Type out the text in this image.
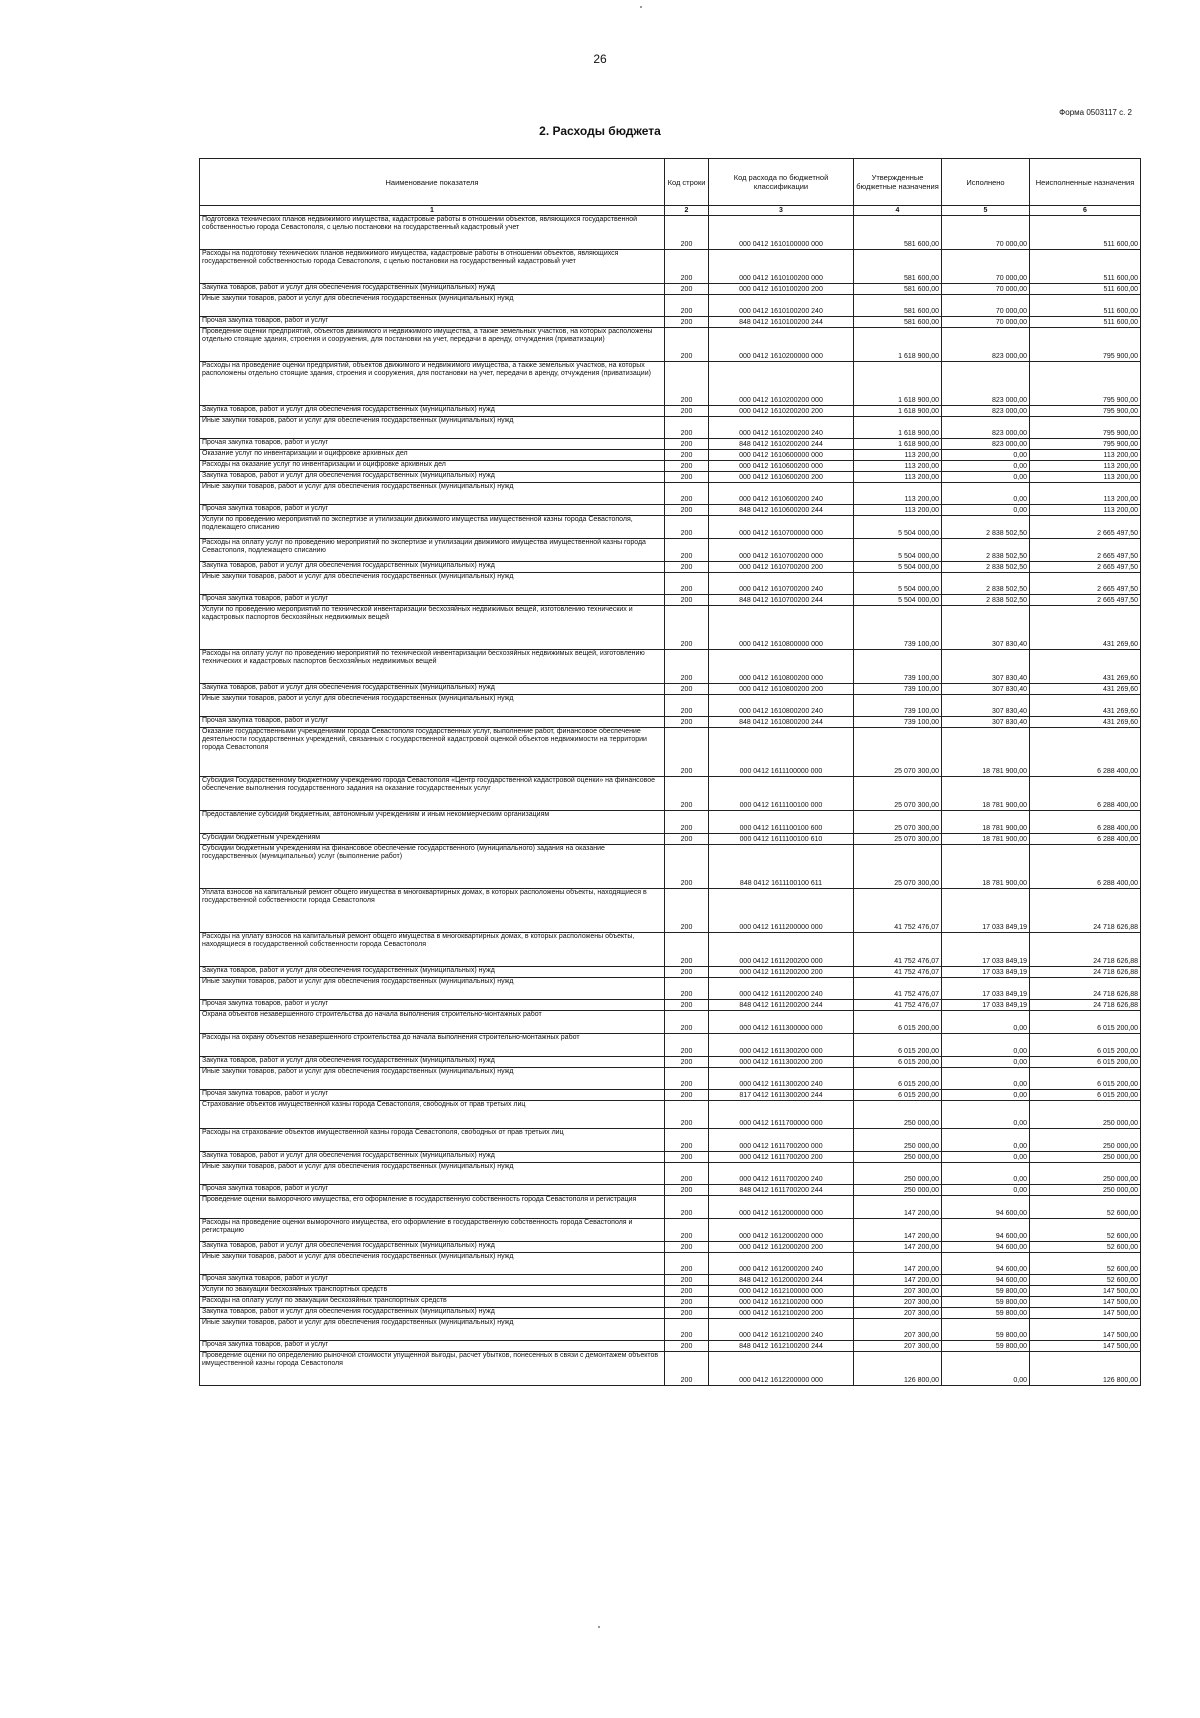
26
Форма 0503117 с. 2
2. Расходы бюджета
Наименование показателя	Код строки	Код расхода по бюджетной классификации	Утвержденные бюджетные назначения	Исполнено	Неисполненные назначения
1	2	3	4	5	6
Подготовка технических планов недвижимого имущества, кадастровые работы в отношении объектов, являющихся государственной собственностью города Севастополя, с целью постановки на государственный кадастровый учет	200	000 0412 1610100000 000	581 600,00	70 000,00	511 600,00
Расходы на подготовку технических планов недвижимого имущества, кадастровые работы в отношении объектов, являющихся государственной собственностью города Севастополя, с целью постановки на государственный кадастровый учет	200	000 0412 1610100200 000	581 600,00	70 000,00	511 600,00
Закупка товаров, работ и услуг для обеспечения государственных (муниципальных) нужд	200	000 0412 1610100200 200	581 600,00	70 000,00	511 600,00
Иные закупки товаров, работ и услуг для обеспечения государственных (муниципальных) нужд	200	000 0412 1610100200 240	581 600,00	70 000,00	511 600,00
Прочая закупка товаров, работ и услуг	200	848 0412 1610100200 244	581 600,00	70 000,00	511 600,00
Проведение оценки предприятий, объектов движимого и недвижимого имущества, а также земельных участков, на которых расположены отдельно стоящие здания, строения и сооружения, для постановки на учет, передачи в аренду, отчуждения (приватизации)	200	000 0412 1610200000 000	1 618 900,00	823 000,00	795 900,00
Расходы на проведение оценки предприятий, объектов движимого и недвижимого имущества, а также земельных участков, на которых расположены отдельно стоящие здания, строения и сооружения, для постановки на учет, передачи в аренду, отчуждения (приватизации)	200	000 0412 1610200200 000	1 618 900,00	823 000,00	795 900,00
Закупка товаров, работ и услуг для обеспечения государственных (муниципальных) нужд	200	000 0412 1610200200 200	1 618 900,00	823 000,00	795 900,00
Иные закупки товаров, работ и услуг для обеспечения государственных (муниципальных) нужд	200	000 0412 1610200200 240	1 618 900,00	823 000,00	795 900,00
Прочая закупка товаров, работ и услуг	200	848 0412 1610200200 244	1 618 900,00	823 000,00	795 900,00
Оказание услуг по инвентаризации и оцифровке архивных дел	200	000 0412 1610600000 000	113 200,00	0,00	113 200,00
Расходы на оказание услуг по инвентаризации и оцифровке архивных дел	200	000 0412 1610600200 000	113 200,00	0,00	113 200,00
Закупка товаров, работ и услуг для обеспечения государственных (муниципальных) нужд	200	000 0412 1610600200 200	113 200,00	0,00	113 200,00
Иные закупки товаров, работ и услуг для обеспечения государственных (муниципальных) нужд	200	000 0412 1610600200 240	113 200,00	0,00	113 200,00
Прочая закупка товаров, работ и услуг	200	848 0412 1610600200 244	113 200,00	0,00	113 200,00
Услуги по проведению мероприятий по экспертизе и утилизации движимого имущества имущественной казны города Севастополя, подлежащего списанию	200	000 0412 1610700000 000	5 504 000,00	2 838 502,50	2 665 497,50
Расходы на оплату услуг по проведению мероприятий по экспертизе и утилизации движимого имущества имущественной казны города Севастополя, подлежащего списанию	200	000 0412 1610700200 000	5 504 000,00	2 838 502,50	2 665 497,50
Закупка товаров, работ и услуг для обеспечения государственных (муниципальных) нужд	200	000 0412 1610700200 200	5 504 000,00	2 838 502,50	2 665 497,50
Иные закупки товаров, работ и услуг для обеспечения государственных (муниципальных) нужд	200	000 0412 1610700200 240	5 504 000,00	2 838 502,50	2 665 497,50
Прочая закупка товаров, работ и услуг	200	848 0412 1610700200 244	5 504 000,00	2 838 502,50	2 665 497,50
Услуги по проведению мероприятий по технической инвентаризации бесхозяйных недвижимых вещей, изготовлению технических и кадастровых паспортов бесхозяйных недвижимых вещей	200	000 0412 1610800000 000	739 100,00	307 830,40	431 269,60
Расходы на оплату услуг по проведению мероприятий по технической инвентаризации бесхозяйных недвижимых вещей, изготовлению технических и кадастровых паспортов бесхозяйных недвижимых вещей	200	000 0412 1610800200 000	739 100,00	307 830,40	431 269,60
Закупка товаров, работ и услуг для обеспечения государственных (муниципальных) нужд	200	000 0412 1610800200 200	739 100,00	307 830,40	431 269,60
Иные закупки товаров, работ и услуг для обеспечения государственных (муниципальных) нужд	200	000 0412 1610800200 240	739 100,00	307 830,40	431 269,60
Прочая закупка товаров, работ и услуг	200	848 0412 1610800200 244	739 100,00	307 830,40	431 269,60
Оказание государственными учреждениями города Севастополя государственных услуг, выполнение работ, финансовое обеспечение деятельности государственных учреждений, связанных с государственной кадастровой оценкой объектов недвижимости на территории города Севастополя	200	000 0412 1611100000 000	25 070 300,00	18 781 900,00	6 288 400,00
Субсидия Государственному бюджетному учреждению города Севастополя «Центр государственной кадастровой оценки» на финансовое обеспечение выполнения государственного задания на оказание государственных услуг	200	000 0412 1611100100 000	25 070 300,00	18 781 900,00	6 288 400,00
Предоставление субсидий бюджетным, автономным учреждениям и иным некоммерческим организациям	200	000 0412 1611100100 600	25 070 300,00	18 781 900,00	6 288 400,00
Субсидии бюджетным учреждениям	200	000 0412 1611100100 610	25 070 300,00	18 781 900,00	6 288 400,00
Субсидии бюджетным учреждениям на финансовое обеспечение государственного (муниципального) задания на оказание государственных (муниципальных) услуг (выполнение работ)	200	848 0412 1611100100 611	25 070 300,00	18 781 900,00	6 288 400,00
Уплата взносов на капитальный ремонт общего имущества в многоквартирных домах, в которых расположены объекты, находящиеся в государственной собственности города Севастополя	200	000 0412 1611200000 000	41 752 476,07	17 033 849,19	24 718 626,88
Расходы на уплату взносов на капитальный ремонт общего имущества в многоквартирных домах, в которых расположены объекты, находящиеся в государственной собственности города Севастополя	200	000 0412 1611200200 000	41 752 476,07	17 033 849,19	24 718 626,88
Закупка товаров, работ и услуг для обеспечения государственных (муниципальных) нужд	200	000 0412 1611200200 200	41 752 476,07	17 033 849,19	24 718 626,88
Иные закупки товаров, работ и услуг для обеспечения государственных (муниципальных) нужд	200	000 0412 1611200200 240	41 752 476,07	17 033 849,19	24 718 626,88
Прочая закупка товаров, работ и услуг	200	848 0412 1611200200 244	41 752 476,07	17 033 849,19	24 718 626,88
Охрана объектов незавершенного строительства до начала выполнения строительно-монтажных работ	200	000 0412 1611300000 000	6 015 200,00	0,00	6 015 200,00
Расходы на охрану объектов незавершенного строительства до начала выполнения строительно-монтажных работ	200	000 0412 1611300200 000	6 015 200,00	0,00	6 015 200,00
Закупка товаров, работ и услуг для обеспечения государственных (муниципальных) нужд	200	000 0412 1611300200 200	6 015 200,00	0,00	6 015 200,00
Иные закупки товаров, работ и услуг для обеспечения государственных (муниципальных) нужд	200	000 0412 1611300200 240	6 015 200,00	0,00	6 015 200,00
Прочая закупка товаров, работ и услуг	200	817 0412 1611300200 244	6 015 200,00	0,00	6 015 200,00
Страхование объектов имущественной казны города Севастополя, свободных от прав третьих лиц	200	000 0412 1611700000 000	250 000,00	0,00	250 000,00
Расходы на страхование объектов имущественной казны города Севастополя, свободных от прав третьих лиц	200	000 0412 1611700200 000	250 000,00	0,00	250 000,00
Закупка товаров, работ и услуг для обеспечения государственных (муниципальных) нужд	200	000 0412 1611700200 200	250 000,00	0,00	250 000,00
Иные закупки товаров, работ и услуг для обеспечения государственных (муниципальных) нужд	200	000 0412 1611700200 240	250 000,00	0,00	250 000,00
Прочая закупка товаров, работ и услуг	200	848 0412 1611700200 244	250 000,00	0,00	250 000,00
Проведение оценки выморочного имущества, его оформление в государственную собственность города Севастополя и регистрация	200	000 0412 1612000000 000	147 200,00	94 600,00	52 600,00
Расходы на проведение оценки выморочного имущества, его оформление в государственную собственность города Севастополя и регистрацию	200	000 0412 1612000200 000	147 200,00	94 600,00	52 600,00
Закупка товаров, работ и услуг для обеспечения государственных (муниципальных) нужд	200	000 0412 1612000200 200	147 200,00	94 600,00	52 600,00
Иные закупки товаров, работ и услуг для обеспечения государственных (муниципальных) нужд	200	000 0412 1612000200 240	147 200,00	94 600,00	52 600,00
Прочая закупка товаров, работ и услуг	200	848 0412 1612000200 244	147 200,00	94 600,00	52 600,00
Услуги по эвакуации бесхозяйных транспортных средств	200	000 0412 1612100000 000	207 300,00	59 800,00	147 500,00
Расходы на оплату услуг по эвакуации бесхозяйных транспортных средств	200	000 0412 1612100200 000	207 300,00	59 800,00	147 500,00
Закупка товаров, работ и услуг для обеспечения государственных (муниципальных) нужд	200	000 0412 1612100200 200	207 300,00	59 800,00	147 500,00
Иные закупки товаров, работ и услуг для обеспечения государственных (муниципальных) нужд	200	000 0412 1612100200 240	207 300,00	59 800,00	147 500,00
Прочая закупка товаров, работ и услуг	200	848 0412 1612100200 244	207 300,00	59 800,00	147 500,00
Проведение оценки по определению рыночной стоимости упущенной выгоды, расчет убытков, понесенных в связи с демонтажем объектов имущественной казны города Севастополя	200	000 0412 1612200000 000	126 800,00	0,00	126 800,00
